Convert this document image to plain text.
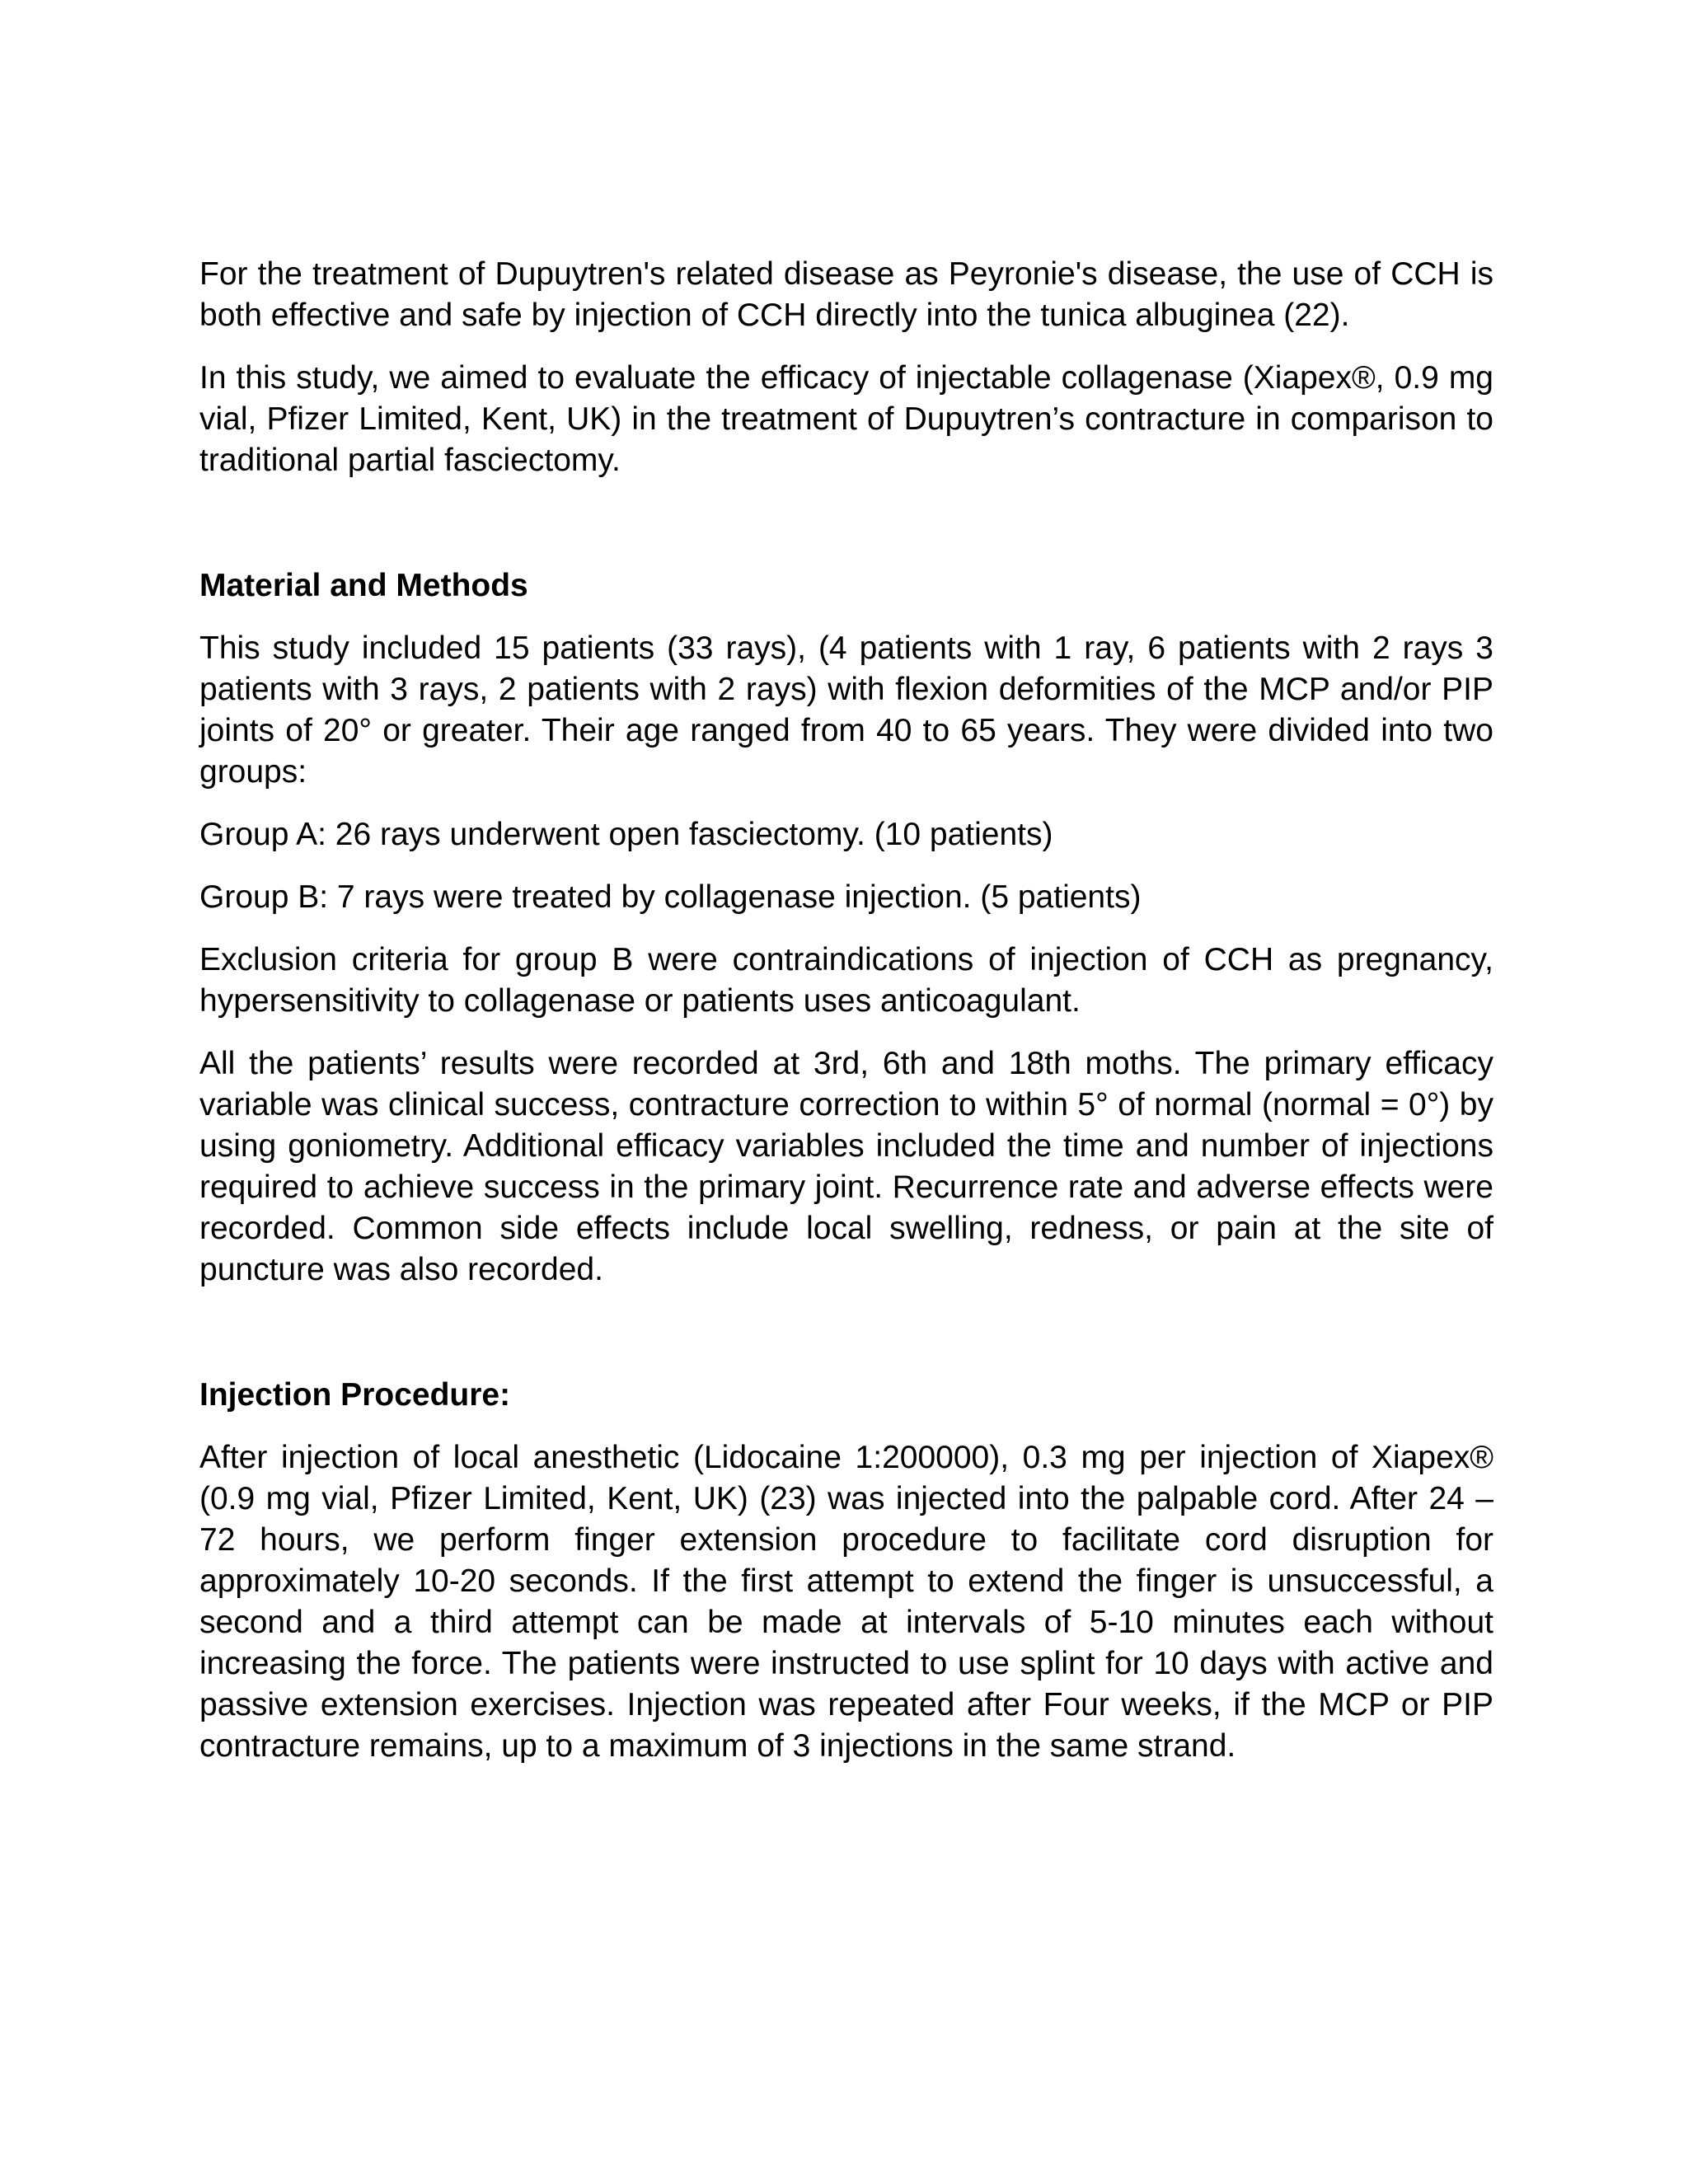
For the treatment of Dupuytren's related disease as Peyronie's disease, the use of CCH is both effective and safe by injection of CCH directly into the tunica albuginea (22).

In this study, we aimed to evaluate the efficacy of injectable collagenase (Xiapex®, 0.9 mg vial, Pfizer Limited, Kent, UK) in the treatment of Dupuytren’s contracture in comparison to traditional partial fasciectomy.

Material and Methods

This study included 15 patients (33 rays), (4 patients with 1 ray, 6 patients with 2 rays 3 patients with 3 rays, 2 patients with 2 rays) with flexion deformities of the MCP and/or PIP joints of 20° or greater. Their age ranged from 40 to 65 years. They were divided into two groups:

Group A: 26 rays underwent open fasciectomy. (10 patients)

Group B: 7 rays were treated by collagenase injection. (5 patients)

Exclusion criteria for group B were contraindications of injection of CCH as pregnancy, hypersensitivity to collagenase or patients uses anticoagulant.

All the patients’ results were recorded at 3rd, 6th and 18th moths. The primary efficacy variable was clinical success, contracture correction to within 5° of normal (normal = 0°) by using goniometry. Additional efficacy variables included the time and number of injections required to achieve success in the primary joint. Recurrence rate and adverse effects were recorded. Common side effects include local swelling, redness, or pain at the site of puncture was also recorded.

Injection Procedure:

After injection of local anesthetic (Lidocaine 1:200000), 0.3 mg per injection of Xiapex® (0.9 mg vial, Pfizer Limited, Kent, UK) (23) was injected into the palpable cord. After 24 – 72 hours, we perform finger extension procedure to facilitate cord disruption for approximately 10-20 seconds. If the first attempt to extend the finger is unsuccessful, a second and a third attempt can be made at intervals of 5-10 minutes each without increasing the force. The patients were instructed to use splint for 10 days with active and passive extension exercises. Injection was repeated after Four weeks, if the MCP or PIP contracture remains, up to a maximum of 3 injections in the same strand.
